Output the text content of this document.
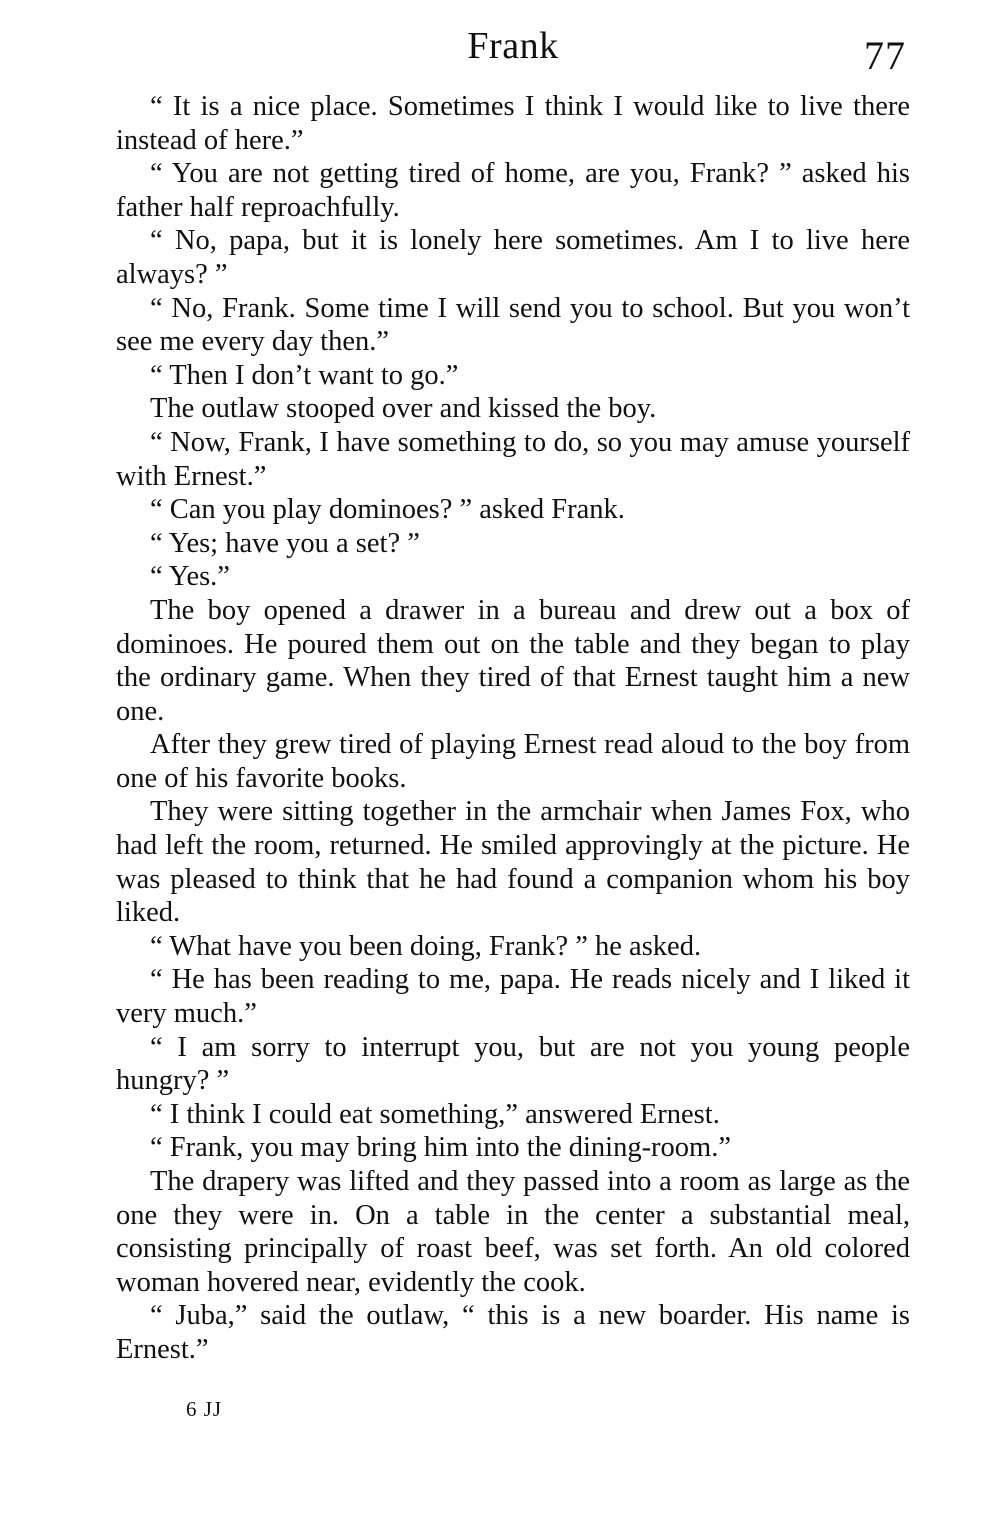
Frank	77

“ It is a nice place. Sometimes I think I would like to live there instead of here.”

“ You are not getting tired of home, are you, Frank? ” asked his father half reproachfully.

“ No, papa, but it is lonely here sometimes. Am I to live here always? ”

“ No, Frank. Some time I will send you to school. But you won’t see me every day then.”

“ Then I don’t want to go.”

The outlaw stooped over and kissed the boy.

“ Now, Frank, I have something to do, so you may amuse yourself with Ernest.”

“ Can you play dominoes? ” asked Frank.

“ Yes; have you a set? ”

“ Yes.”

The boy opened a drawer in a bureau and drew out a box of dominoes. He poured them out on the table and they began to play the ordinary game. When they tired of that Ernest taught him a new one.

After they grew tired of playing Ernest read aloud to the boy from one of his favorite books.

They were sitting together in the armchair when James Fox, who had left the room, returned. He smiled approvingly at the picture. He was pleased to think that he had found a companion whom his boy liked.

“ What have you been doing, Frank? ” he asked.

“ He has been reading to me, papa. He reads nicely and I liked it very much.”

“ I am sorry to interrupt you, but are not you young people hungry? ”

“ I think I could eat something,” answered Ernest.

“ Frank, you may bring him into the dining-room.”

The drapery was lifted and they passed into a room as large as the one they were in. On a table in the center a substantial meal, consisting principally of roast beef, was set forth. An old colored woman hovered near, evidently the cook.

“ Juba,” said the outlaw, “ this is a new boarder. His name is Ernest.”

6 JJ
